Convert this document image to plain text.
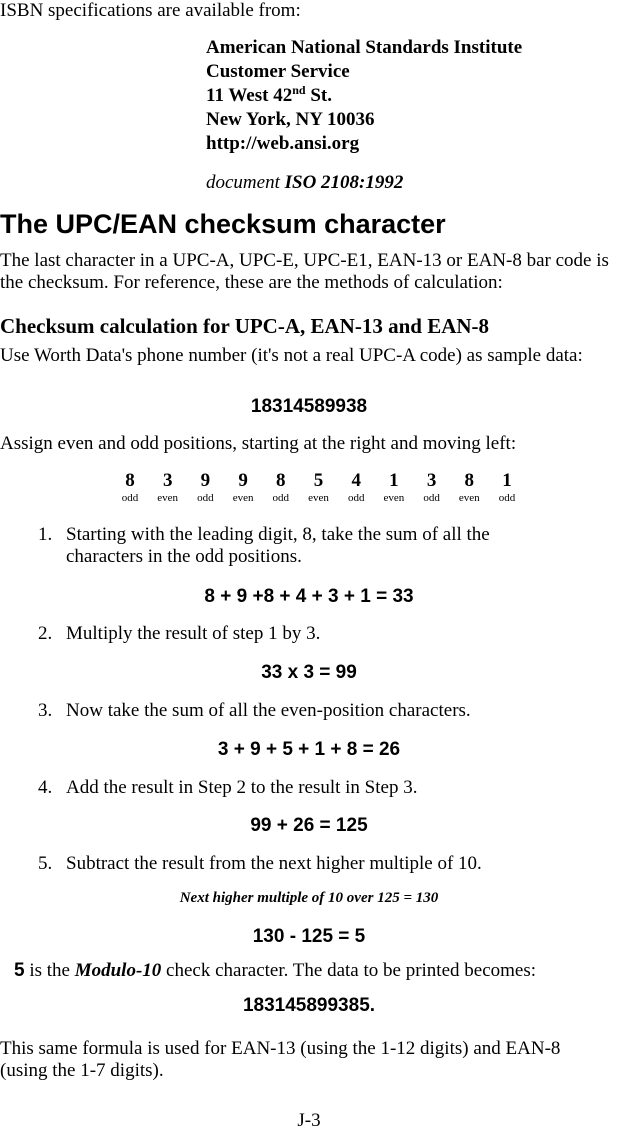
ISBN specifications are available from:
American National Standards Institute
Customer Service
11 West 42nd St.
New York, NY 10036
http://web.ansi.org
document ISO 2108:1992
The UPC/EAN checksum character
The last character in a UPC-A, UPC-E, UPC-E1, EAN-13 or EAN-8 bar code is the checksum. For reference, these are the methods of calculation:
Checksum calculation for UPC-A, EAN-13 and EAN-8
Use Worth Data's phone number (it's not a real UPC-A code) as sample data:
18314589938
Assign even and odd positions, starting at the right and moving left:
8
odd
3
even
9
odd
9
even
8
odd
5
even
4
odd
1
even
3
odd
8
even
1
odd
1. Starting with the leading digit, 8, take the sum of all the characters in the odd positions.
8 + 9 +8 + 4 + 3 + 1 = 33
2. Multiply the result of step 1 by 3.
33 x 3 = 99
3. Now take the sum of all the even-position characters.
3 + 9 + 5 + 1 + 8 = 26
4. Add the result in Step 2 to the result in Step 3.
99 + 26 = 125
5. Subtract the result from the next higher multiple of 10.
Next higher multiple of 10 over 125 = 130
130 - 125 = 5
5 is the Modulo-10 check character. The data to be printed becomes:
183145899385.
This same formula is used for EAN-13 (using the 1-12 digits) and EAN-8 (using the 1-7 digits).
J-3
